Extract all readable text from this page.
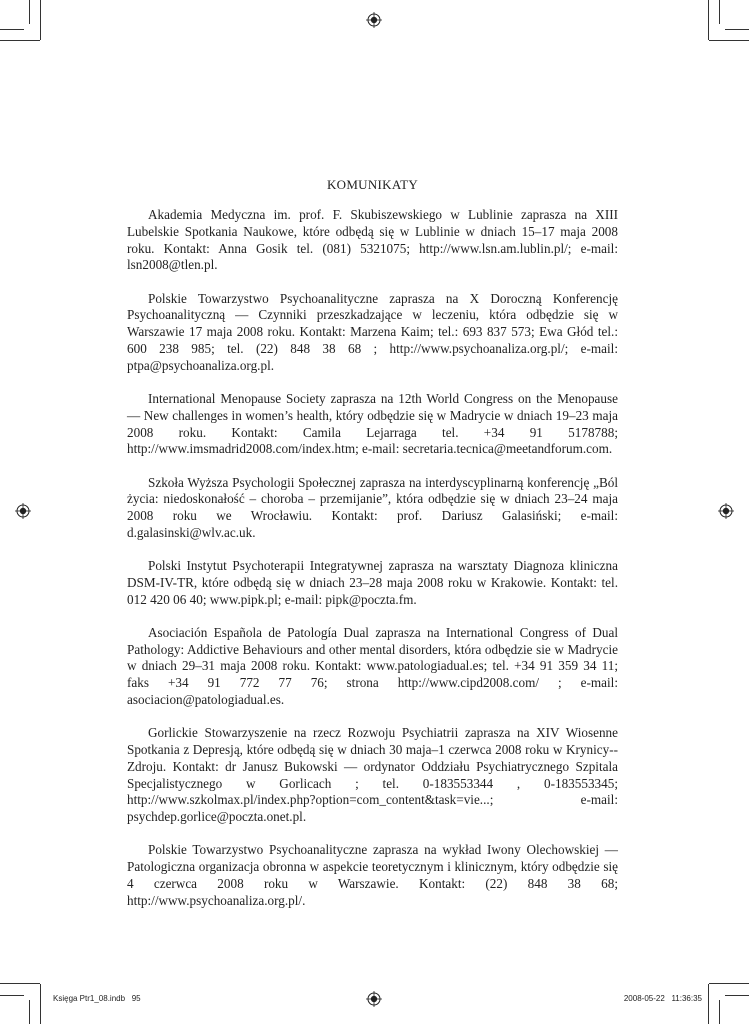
KOMUNIKATY

Akademia Medyczna im. prof. F. Skubiszewskiego w Lublinie zaprasza na XIII Lubelskie Spotkania Naukowe, które odbędą się w Lublinie w dniach 15–17 maja 2008 roku. Kontakt: Anna Gosik tel. (081) 5321075; http://www.lsn.am.lublin.pl/; e-mail: lsn2008@tlen.pl.

Polskie Towarzystwo Psychoanalityczne zaprasza na X Doroczną Konferencję Psychoanalityczną — Czynniki przeszkadzające w leczeniu, która odbędzie się w Warszawie 17 maja 2008 roku. Kontakt: Marzena Kaim; tel.: 693 837 573; Ewa Głód tel.: 600 238 985; tel. (22) 848 38 68 ; http://www.psychoanaliza.org.pl/; e-mail: ptpa@psychoanaliza.org.pl.

International Menopause Society zaprasza na 12th World Congress on the Menopause — New challenges in women’s health, który odbędzie się w Madrycie w dniach 19–23 maja 2008 roku. Kontakt: Camila Lejarraga tel. +34 91 5178788; http://www.imsmadrid2008.com/index.htm; e-mail: secretaria.tecnica@meetandforum.com.

Szkoła Wyższa Psychologii Społecznej zaprasza na interdyscyplinarną konferencję „Ból życia: niedoskonałość – choroba – przemijanie”, która odbędzie się w dniach 23–24 maja 2008 roku we Wrocławiu. Kontakt: prof. Dariusz Galasiński; e-mail: d.galasinski@wlv.ac.uk.

Polski Instytut Psychoterapii Integratywnej zaprasza na warsztaty Diagnoza kliniczna DSM-IV-TR, które odbędą się w dniach 23–28 maja 2008 roku w Krakowie. Kontakt: tel. 012 420 06 40; www.pipk.pl; e-mail: pipk@poczta.fm.

Asociación Española de Patología Dual zaprasza na International Congress of Dual Pathology: Addictive Behaviours and other mental disorders, która odbędzie sie w Madrycie w dniach 29–31 maja 2008 roku. Kontakt: www.patologiadual.es; tel. +34 91 359 34 11; faks +34 91 772 77 76; strona http://www.cipd2008.com/ ; e-mail: asociacion@patologiadual.es.

Gorlickie Stowarzyszenie na rzecz Rozwoju Psychiatrii zaprasza na XIV Wiosenne Spotkania z Depresją, które odbędą się w dniach 30 maja–1 czerwca 2008 roku w Krynicy--Zdroju. Kontakt: dr Janusz Bukowski — ordynator Oddziału Psychiatrycznego Szpitala Specjalistycznego w Gorlicach ; tel. 0-183553344 , 0-183553345; http://www.szkolmax.pl/index.php?option=com_content&task=vie...; e-mail: psychdep.gorlice@poczta.onet.pl.

Polskie Towarzystwo Psychoanalityczne zaprasza na wykład Iwony Olechowskiej — Patologiczna organizacja obronna w aspekcie teoretycznym i klinicznym, który odbędzie się 4 czerwca 2008 roku w Warszawie. Kontakt: (22) 848 38 68; http://www.psychoanaliza.org.pl/.

Księga Ptr1_08.indb   95	2008-05-22   11:36:35
